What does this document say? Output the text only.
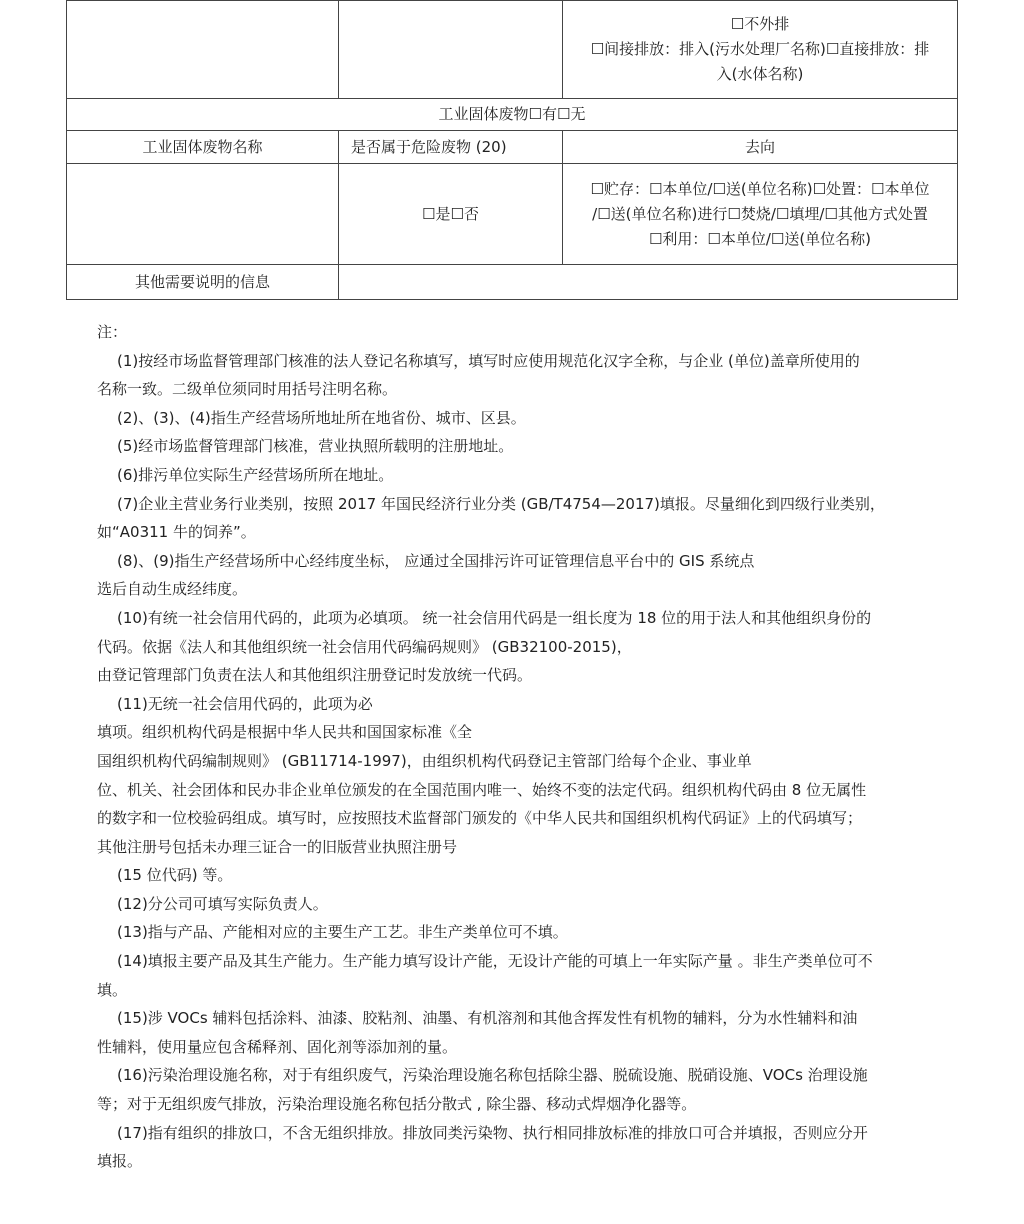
		☐不外排
☐间接排放：排入(污水处理厂名称)☐直接排放：排
入(水体名称)

工业固体废物☐有☐无		
工业固体废物名称	是否属于危险废物 (20)	去向
	☐是☐否	☐贮存：☐本单位/☐送(单位名称)☐处置：☐本单位
/☐送(单位名称)进行☐焚烧/☐填埋/☐其他方式处置
☐利用：☐本单位/☐送(单位名称)

其他需要说明的信息		

注：

(1)按经市场监督管理部门核准的法人登记名称填写，填写时应使用规范化汉字全称，与企业 (单位)盖章所使用的

名称一致。二级单位须同时用括号注明名称。

(2)、(3)、(4)指生产经营场所地址所在地省份、城市、区县。

(5)经市场监督管理部门核准，营业执照所载明的注册地址。

(6)排污单位实际生产经营场所所在地址。

(7)企业主营业务行业类别，按照 2017 年国民经济行业分类 (GB/T4754—2017)填报。尽量细化到四级行业类别，

如“A0311 牛的饲养”。

(8)、(9)指生产经营场所中心经纬度坐标， 应通过全国排污许可证管理信息平台中的 GIS 系统点

选后自动生成经纬度。

(10)有统一社会信用代码的，此项为必填项。 统一社会信用代码是一组长度为 18 位的用于法人和其他组织身份的

代码。依据《法人和其他组织统一社会信用代码编码规则》 (GB32100-2015)，

由登记管理部门负责在法人和其他组织注册登记时发放统一代码。

(11)无统一社会信用代码的，此项为必

填项。组织机构代码是根据中华人民共和国国家标准《全

国组织机构代码编制规则》 (GB11714-1997)，由组织机构代码登记主管部门给每个企业、事业单

位、机关、社会团体和民办非企业单位颁发的在全国范围内唯一、始终不变的法定代码。组织机构代码由 8 位无属性

的数字和一位校验码组成。填写时，应按照技术监督部门颁发的《中华人民共和国组织机构代码证》上的代码填写；

其他注册号包括未办理三证合一的旧版营业执照注册号

(15 位代码) 等。

(12)分公司可填写实际负责人。

(13)指与产品、产能相对应的主要生产工艺。非生产类单位可不填。

(14)填报主要产品及其生产能力。生产能力填写设计产能，无设计产能的可填上一年实际产量 。非生产类单位可不

填。

(15)涉 VOCs 辅料包括涂料、油漆、胶粘剂、油墨、有机溶剂和其他含挥发性有机物的辅料，分为水性辅料和油

性辅料，使用量应包含稀释剂、固化剂等添加剂的量。

(16)污染治理设施名称，对于有组织废气，污染治理设施名称包括除尘器、脱硫设施、脱硝设施、VOCs 治理设施

等；对于无组织废气排放，污染治理设施名称包括分散式 , 除尘器、移动式焊烟净化器等。

(17)指有组织的排放口，不含无组织排放。排放同类污染物、执行相同排放标准的排放口可合并填报，否则应分开

填报。
